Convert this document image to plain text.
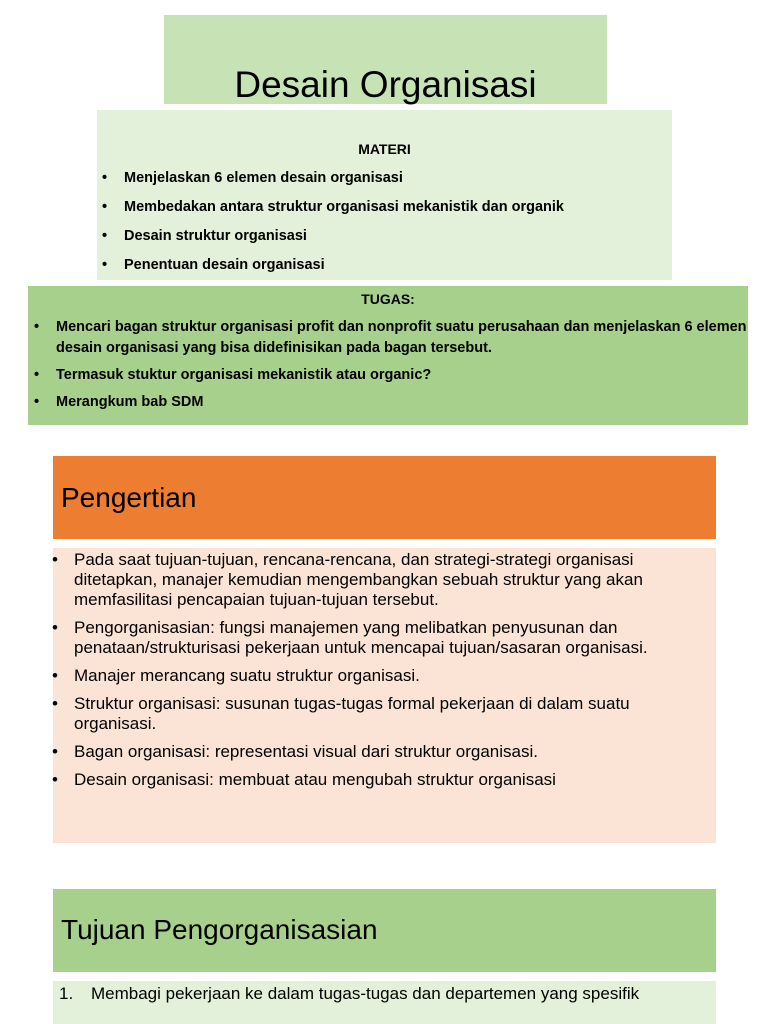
Desain Organisasi
MATERI
• Menjelaskan 6 elemen desain organisasi
• Membedakan antara struktur organisasi mekanistik dan organik
• Desain struktur organisasi
• Penentuan desain organisasi
TUGAS:
• Mencari bagan struktur organisasi profit dan nonprofit suatu perusahaan dan menjelaskan 6 elemen desain organisasi yang bisa didefinisikan pada bagan tersebut.
• Termasuk stuktur organisasi mekanistik atau organic?
• Merangkum bab SDM
Pengertian
• Pada saat tujuan-tujuan, rencana-rencana, dan strategi-strategi organisasi ditetapkan, manajer kemudian mengembangkan sebuah struktur yang akan memfasilitasi pencapaian tujuan-tujuan tersebut.
• Pengorganisasian: fungsi manajemen yang melibatkan penyusunan dan penataan/strukturisasi pekerjaan untuk mencapai tujuan/sasaran organisasi.
• Manajer merancang suatu struktur organisasi.
• Struktur organisasi: susunan tugas-tugas formal pekerjaan di dalam suatu organisasi.
• Bagan organisasi: representasi visual dari struktur organisasi.
• Desain organisasi: membuat atau mengubah struktur organisasi
Tujuan Pengorganisasian
1. Membagi pekerjaan ke dalam tugas-tugas dan departemen yang spesifik
